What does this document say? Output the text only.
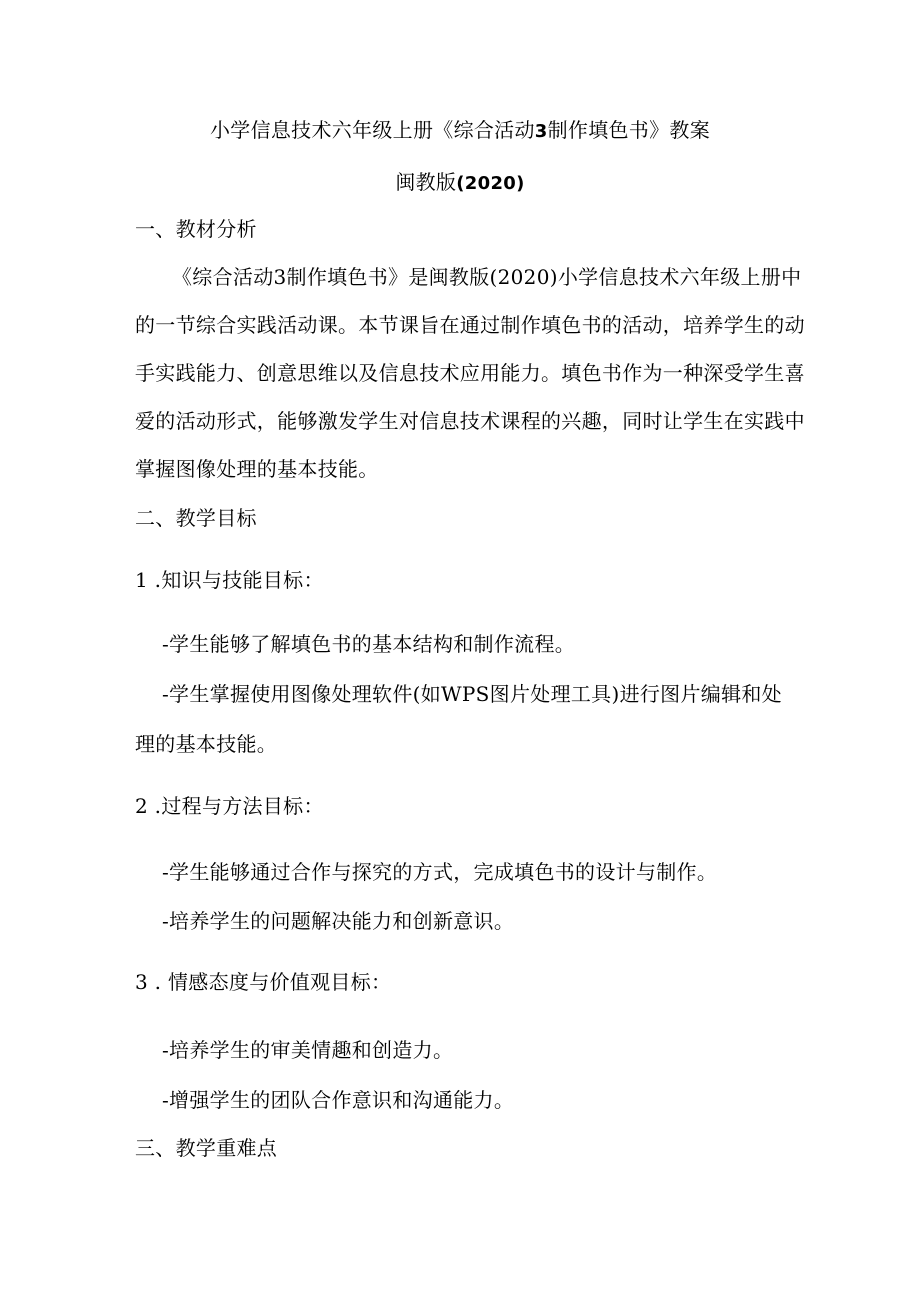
小学信息技术六年级上册《综合活动3制作填色书》教案
闽教版(2020)
一、教材分析
《综合活动3制作填色书》是闽教版(2020)小学信息技术六年级上册中
的一节综合实践活动课。本节课旨在通过制作填色书的活动，培养学生的动
手实践能力、创意思维以及信息技术应用能力。填色书作为一种深受学生喜
爱的活动形式，能够激发学生对信息技术课程的兴趣，同时让学生在实践中
掌握图像处理的基本技能。
二、教学目标
1 .知识与技能目标：
-学生能够了解填色书的基本结构和制作流程。
-学生掌握使用图像处理软件(如WPS图片处理工具)进行图片编辑和处
理的基本技能。
2 .过程与方法目标：
-学生能够通过合作与探究的方式，完成填色书的设计与制作。
-培养学生的问题解决能力和创新意识。
3 . 情感态度与价值观目标：
-培养学生的审美情趣和创造力。
-增强学生的团队合作意识和沟通能力。
三、教学重难点
